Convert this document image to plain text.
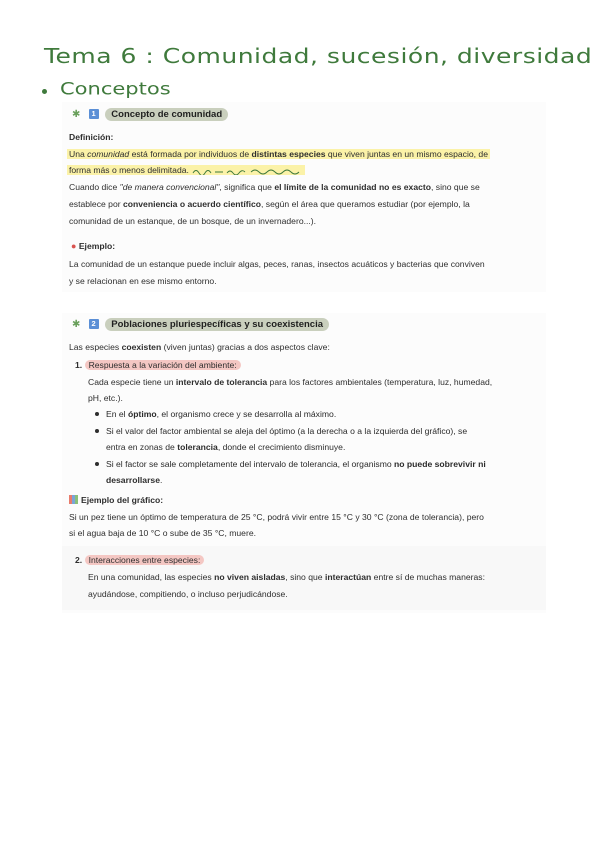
Tema 6 : Comunidad, sucesión, diversidad
Conceptos
✱ 1 Concepto de comunidad
Definición:
Una comunidad está formada por individuos de distintas especies que viven juntas en un mismo espacio, de
forma más o menos delimitada.
Cuando dice "de manera convencional", significa que el límite de la comunidad no es exacto, sino que se
establece por conveniencia o acuerdo científico, según el área que queramos estudiar (por ejemplo, la
comunidad de un estanque, de un bosque, de un invernadero...).
● Ejemplo:
La comunidad de un estanque puede incluir algas, peces, ranas, insectos acuáticos y bacterias que conviven
y se relacionan en ese mismo entorno.
✱ 2 Poblaciones pluriespecíficas y su coexistencia
Las especies coexisten (viven juntas) gracias a dos aspectos clave:
1. Respuesta a la variación del ambiente:
Cada especie tiene un intervalo de tolerancia para los factores ambientales (temperatura, luz, humedad,
pH, etc.).
En el óptimo, el organismo crece y se desarrolla al máximo.
Si el valor del factor ambiental se aleja del óptimo (a la derecha o a la izquierda del gráfico), se
entra en zonas de tolerancia, donde el crecimiento disminuye.
Si el factor se sale completamente del intervalo de tolerancia, el organismo no puede sobrevivir ni
desarrollarse.
Ejemplo del gráfico:
Si un pez tiene un óptimo de temperatura de 25 °C, podrá vivir entre 15 °C y 30 °C (zona de tolerancia), pero
si el agua baja de 10 °C o sube de 35 °C, muere.
2. Interacciones entre especies:
En una comunidad, las especies no viven aisladas, sino que interactúan entre sí de muchas maneras:
ayudándose, compitiendo, o incluso perjudicándose.
